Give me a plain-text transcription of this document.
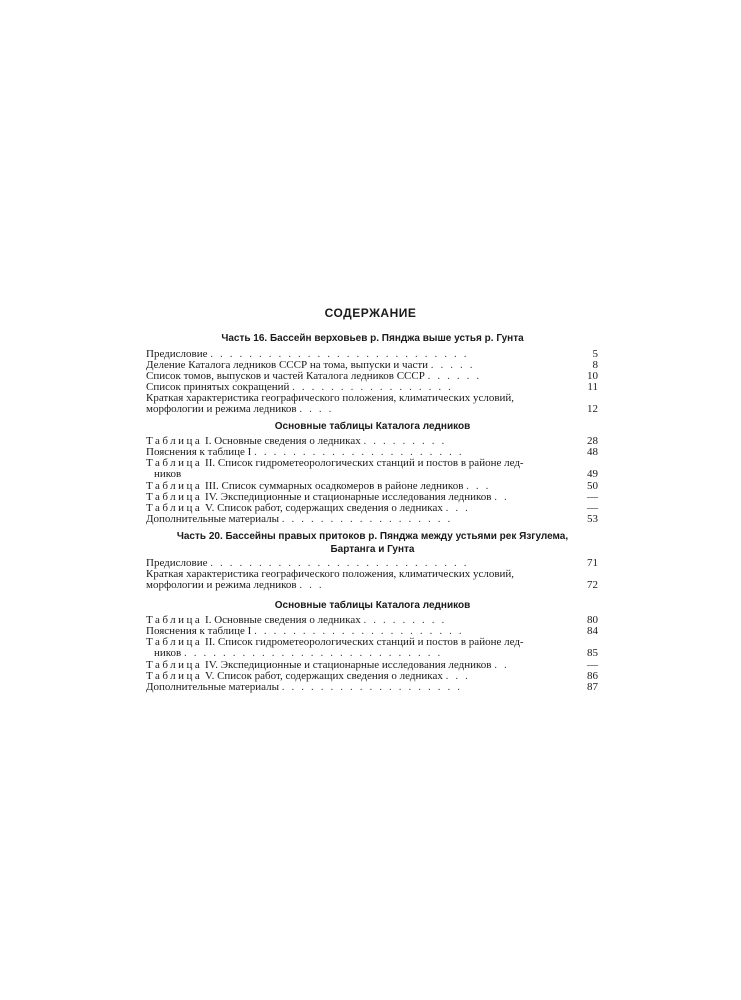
СОДЕРЖАНИЕ
Часть 16. Бассейн верховьев р. Пянджа выше устья р. Гунта
Предисловие ...........................	5
Деление Каталога ледников СССР на тома, выпуски и части .....	8
Список томов, выпусков и частей Каталога ледников СССР ......	10
Список принятых сокращений .................	11
Краткая характеристика географического положения, климатических условий,
морфологии и режима ледников ....	12
Основные таблицы Каталога ледников
Таблица I. Основные сведения о ледниках .........	28
Пояснения к таблице I ......................	48
Таблица II. Список гидрометеорологических станций и постов в районе лед-
ников	49
Таблица III. Список суммарных осадкомеров в районе ледников ...	50
Таблица IV. Экспедиционные и стационарные исследования ледников ..	—
Таблица V. Список работ, содержащих сведения о ледниках ...	—
Дополнительные материалы ..................	53
Часть 20. Бассейны правых притоков р. Пянджа между устьями рек Язгулема,
Бартанга и Гунта
Предисловие ...........................	71
Краткая характеристика географического положения, климатических условий,
морфологии и режима ледников ...	72
Основные таблицы Каталога ледников
Таблица I. Основные сведения о ледниках .........	80
Пояснения к таблице I ......................	84
Таблица II. Список гидрометеорологических станций и постов в районе лед-
ников ...........................	85
Таблица IV. Экспедиционные и стационарные исследования ледников ..	—
Таблица V. Список работ, содержащих сведения о ледниках ...	86
Дополнительные материалы ...................	87
